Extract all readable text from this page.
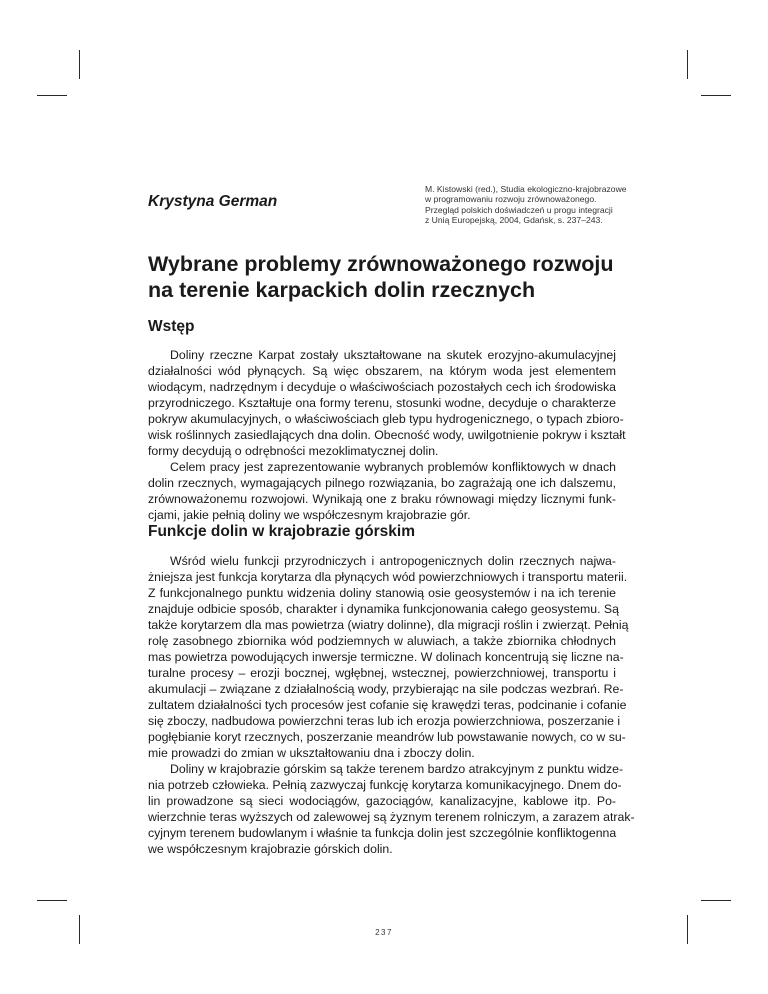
Krystyna German
M. Kistowski (red.), Studia ekologiczno-krajobrazowe
w programowaniu rozwoju zrównoważonego.
Przegląd polskich doświadczeń u progu integracji
z Unią Europejską, 2004, Gdańsk, s. 237–243.
Wybrane problemy zrównoważonego rozwoju
na terenie karpackich dolin rzecznych
Wstęp
Doliny rzeczne Karpat zostały ukształtowane na skutek erozyjno-akumulacyjnej
działalności wód płynących. Są więc obszarem, na którym woda jest elementem
wiodącym, nadrzędnym i decyduje o właściwościach pozostałych cech ich środowiska
przyrodniczego. Kształtuje ona formy terenu, stosunki wodne, decyduje o charakterze
pokryw akumulacyjnych, o właściwościach gleb typu hydrogenicznego, o typach zbioro-
wisk roślinnych zasiedlających dna dolin. Obecność wody, uwilgotnienie pokryw i kształt
formy decydują o odrębności mezoklimatycznej dolin.
Celem pracy jest zaprezentowanie wybranych problemów konfliktowych w dnach
dolin rzecznych, wymagających pilnego rozwiązania, bo zagrażają one ich dalszemu,
zrównoważonemu rozwojowi. Wynikają one z braku równowagi między licznymi funk-
cjami, jakie pełnią doliny we współczesnym krajobrazie gór.
Funkcje dolin w krajobrazie górskim
Wśród wielu funkcji przyrodniczych i antropogenicznych dolin rzecznych najwa-
żniejsza jest funkcja korytarza dla płynących wód powierzchniowych i transportu materii.
Z funkcjonalnego punktu widzenia doliny stanowią osie geosystemów i na ich terenie
znajduje odbicie sposób, charakter i dynamika funkcjonowania całego geosystemu. Są
także korytarzem dla mas powietrza (wiatry dolinne), dla migracji roślin i zwierząt. Pełnią
rolę zasobnego zbiornika wód podziemnych w aluwiach, a także zbiornika chłodnych
mas powietrza powodujących inwersje termiczne. W dolinach koncentrują się liczne na-
turalne procesy – erozji bocznej, wgłębnej, wstecznej, powierzchniowej, transportu i
akumulacji – związane z działalnością wody, przybierając na sile podczas wezbrań. Re-
zultatem działalności tych procesów jest cofanie się krawędzi teras, podcinanie i cofanie
się zboczy, nadbudowa powierzchni teras lub ich erozja powierzchniowa, poszerzanie i
pogłębianie koryt rzecznych, poszerzanie meandrów lub powstawanie nowych, co w su-
mie prowadzi do zmian w ukształtowaniu dna i zboczy dolin.
Doliny w krajobrazie górskim są także terenem bardzo atrakcyjnym z punktu widze-
nia potrzeb człowieka. Pełnią zazwyczaj funkcję korytarza komunikacyjnego. Dnem do-
lin prowadzone są sieci wodociągów, gazociągów, kanalizacyjne, kablowe itp. Po-
wierzchnie teras wyższych od zalewowej są żyznym terenem rolniczym, a zarazem atrak-
cyjnym terenem budowlanym i właśnie ta funkcja dolin jest szczególnie konfliktogenna
we współczesnym krajobrazie górskich dolin.
237
